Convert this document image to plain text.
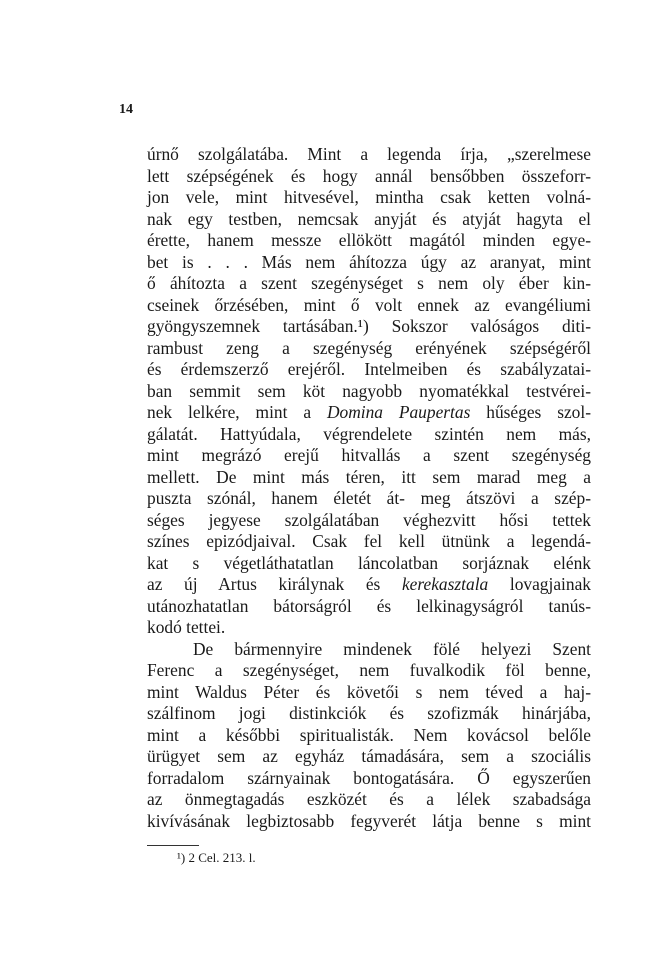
14
úrnő szolgálatába. Mint a legenda írja, „szerelmese
lett szépségének és hogy annál bensőbben összeforr-
jon vele, mint hitvesével, mintha csak ketten volná-
nak egy testben, nemcsak anyját és atyját hagyta el
érette, hanem messze ellökött magától minden egye-
bet is . . . Más nem áhítozza úgy az aranyat, mint
ő áhítozta a szent szegénységet s nem oly éber kin-
cseinek őrzésében, mint ő volt ennek az evangéliumi
gyöngyszemnek tartásában.¹) Sokszor valóságos diti-
rambust zeng a szegénység erényének szépségéről
és érdemszerző erejéről. Intelmeiben és szabályzatai-
ban semmit sem köt nagyobb nyomatékkal testvérei-
nek lelkére, mint a Domina Paupertas hűséges szol-
gálatát. Hattyúdala, végrendelete szintén nem más,
mint megrázó erejű hitvallás a szent szegénység
mellett. De mint más téren, itt sem marad meg a
puszta szónál, hanem életét át- meg átszövi a szép-
séges jegyese szolgálatában véghezvitt hősi tettek
színes epizódjaival. Csak fel kell ütnünk a legendá-
kat s végetláthatatlan láncolatban sorjáznak elénk
az új Artus királynak és kerekasztala lovagjainak
utánozhatatlan bátorságról és lelkinagyságról tanús-
kodó tettei.
De bármennyire mindenek fölé helyezi Szent
Ferenc a szegénységet, nem fuvalkodik föl benne,
mint Waldus Péter és követői s nem téved a haj-
szálfinom jogi distinkciók és szofizmák hinárjába,
mint a későbbi spiritualisták. Nem kovácsol belőle
ürügyet sem az egyház támadására, sem a szociális
forradalom szárnyainak bontogatására. Ő egyszerűen
az önmegtagadás eszközét és a lélek szabadsága
kivívásának legbiztosabb fegyverét látja benne s mint
¹) 2 Cel. 213. l.
